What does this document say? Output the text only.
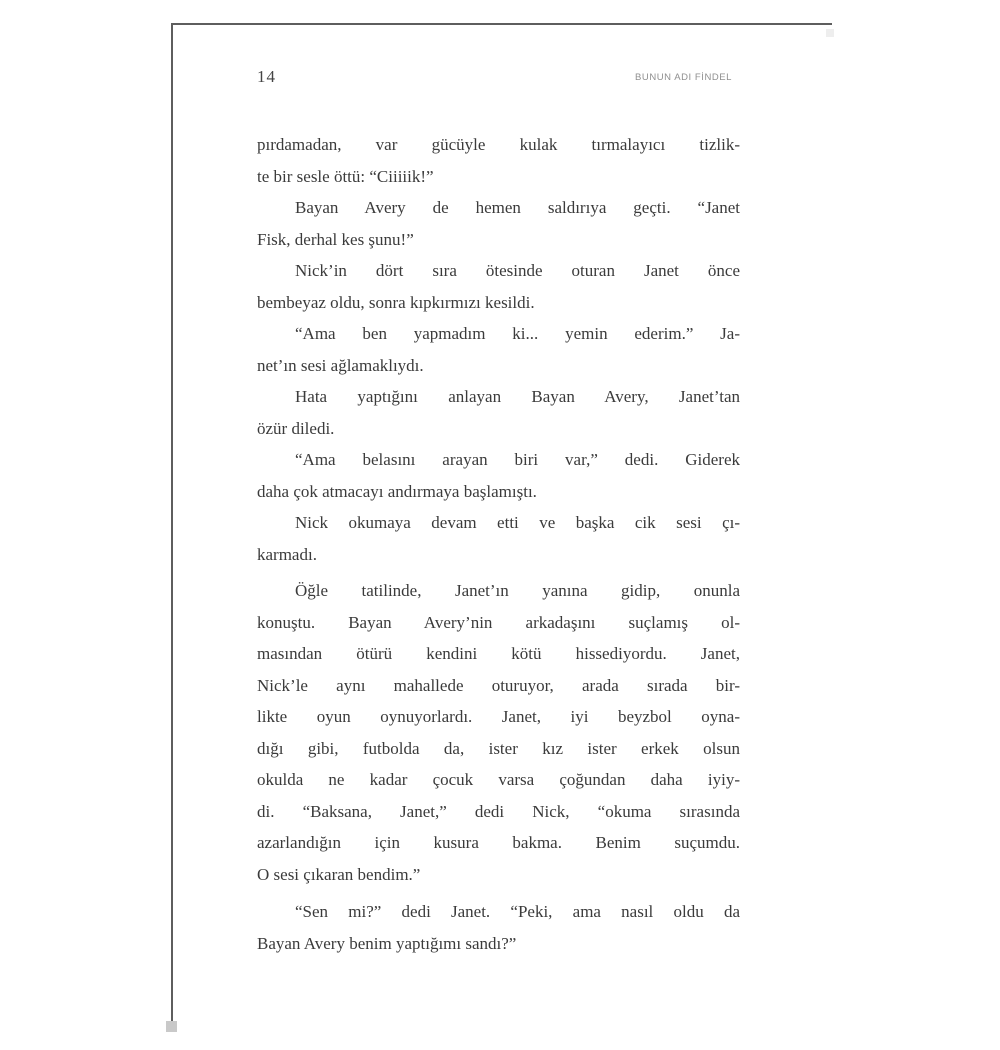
14	BUNUN ADI FİNDEL
pırdamadan, var gücüyle kulak tırmalayıcı tizlik-
te bir sesle öttü: “Ciiiiik!”
Bayan Avery de hemen saldırıya geçti. “Janet
Fisk, derhal kes şunu!”
Nick’in dört sıra ötesinde oturan Janet önce
bembeyaz oldu, sonra kıpkırmızı kesildi.
“Ama ben yapmadım ki... yemin ederim.” Ja-
net’ın sesi ağlamaklıydı.
Hata yaptığını anlayan Bayan Avery, Janet’tan
özür diledi.
“Ama belasını arayan biri var,” dedi. Giderek
daha çok atmacayı andırmaya başlamıştı.
Nick okumaya devam etti ve başka cik sesi çı-
karmadı.
Öğle tatilinde, Janet’ın yanına gidip, onunla
konuştu. Bayan Avery’nin arkadaşını suçlamış ol-
masından ötürü kendini kötü hissediyordu. Janet,
Nick’le aynı mahallede oturuyor, arada sırada bir-
likte oyun oynuyorlardı. Janet, iyi beyzbol oyna-
dığı gibi, futbolda da, ister kız ister erkek olsun
okulda ne kadar çocuk varsa çoğundan daha iyiy-
di. “Baksana, Janet,” dedi Nick, “okuma sırasında
azarlandığın için kusura bakma. Benim suçumdu.
O sesi çıkaran bendim.”
“Sen mi?” dedi Janet. “Peki, ama nasıl oldu da
Bayan Avery benim yaptığımı sandı?”
